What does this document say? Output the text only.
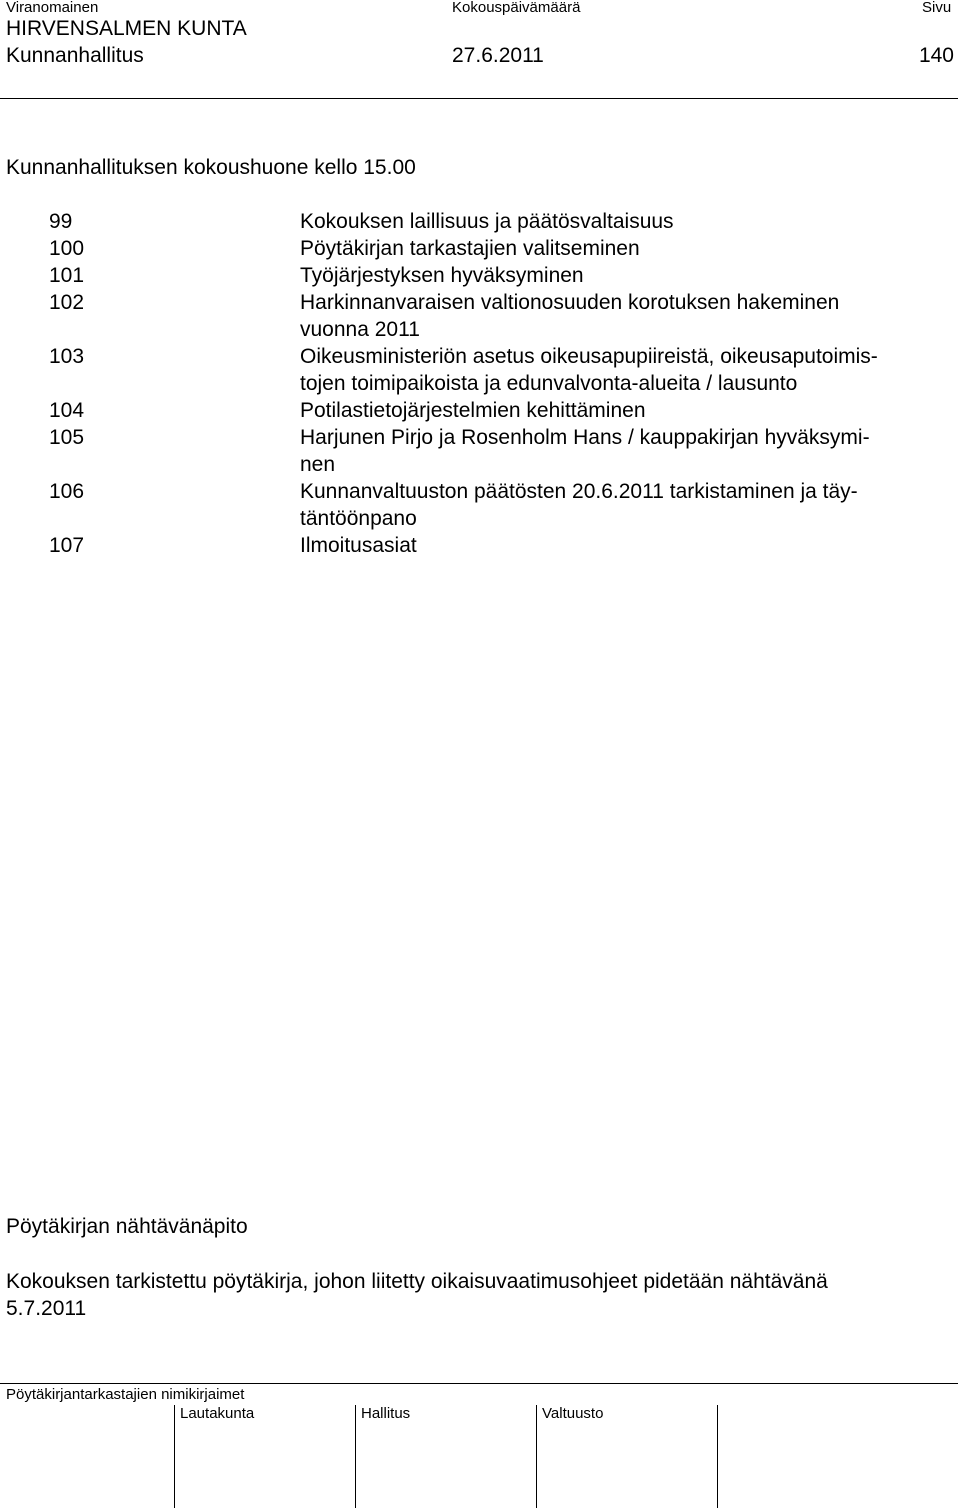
Viranomainen	Kokouspäivämäärä	Sivu
HIRVENSALMEN KUNTA
Kunnanhallitus	27.6.2011	140
Kunnanhallituksen kokoushuone kello 15.00
99	Kokouksen laillisuus ja päätösvaltaisuus
100	Pöytäkirjan tarkastajien valitseminen
101	Työjärjestyksen hyväksyminen
102	Harkinnanvaraisen valtionosuuden korotuksen hakeminen
vuonna 2011
103	Oikeusministeriön asetus oikeusapupiireistä, oikeusaputoimis-
tojen toimipaikoista ja edunvalvonta-alueita / lausunto
104	Potilastietojärjestelmien kehittäminen
105	Harjunen Pirjo ja Rosenholm Hans / kauppakirjan hyväksymi-
nen
106	Kunnanvaltuuston päätösten 20.6.2011 tarkistaminen ja täy-
täntöönpano
107	Ilmoitusasiat
Pöytäkirjan nähtävänäpito
Kokouksen tarkistettu pöytäkirja, johon liitetty oikaisuvaatimusohjeet pidetään nähtävänä
5.7.2011
Pöytäkirjantarkastajien nimikirjaimet
Lautakunta	Hallitus	Valtuusto
